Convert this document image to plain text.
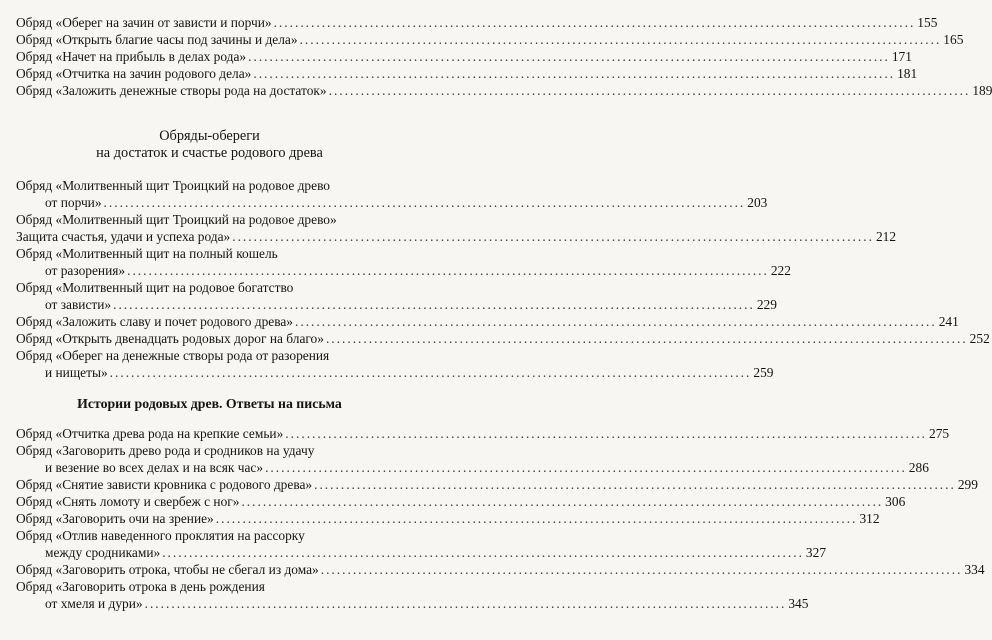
Обряд «Оберег на зачин от зависти и порчи» .....	155
Обряд «Открыть благие часы под зачины и дела» .....	165
Обряд «Начет на прибыль в делах рода» .....	171
Обряд «Отчитка на зачин родового дела» .....	181
Обряд «Заложить денежные створы рода на достаток» .....	189
Обряды-обереги
на достаток и счастье родового древа
Обряд «Молитвенный щит Троицкий на родовое древо
от порчи» .....	203
Обряд «Молитвенный щит Троицкий на родовое древо»
Защита счастья, удачи и успеха рода» .....	212
Обряд «Молитвенный щит на полный кошель
от разорения» .....	222
Обряд «Молитвенный щит на родовое богатство
от зависти» .....	229
Обряд «Заложить славу и почет родового древа» .....	241
Обряд «Открыть двенадцать родовых дорог на благо» .....	252
Обряд «Оберег на денежные створы рода от разорения
и нищеты» .....	259
Истории родовых древ. Ответы на письма
Обряд «Отчитка древа рода на крепкие семьи» .....	275
Обряд «Заговорить древо рода и сродников на удачу
и везение во всех делах и на всяк час» .....	286
Обряд «Снятие зависти кровника с родового древа» .....	299
Обряд «Снять ломоту и свербеж с ног» .....	306
Обряд «Заговорить очи на зрение» .....	312
Обряд «Отлив наведенного проклятия на рассорку
между сродниками» .....	327
Обряд «Заговорить отрока, чтобы не сбегал из дома» .....	334
Обряд «Заговорить отрока в день рождения
от хмеля и дури» .....	345
